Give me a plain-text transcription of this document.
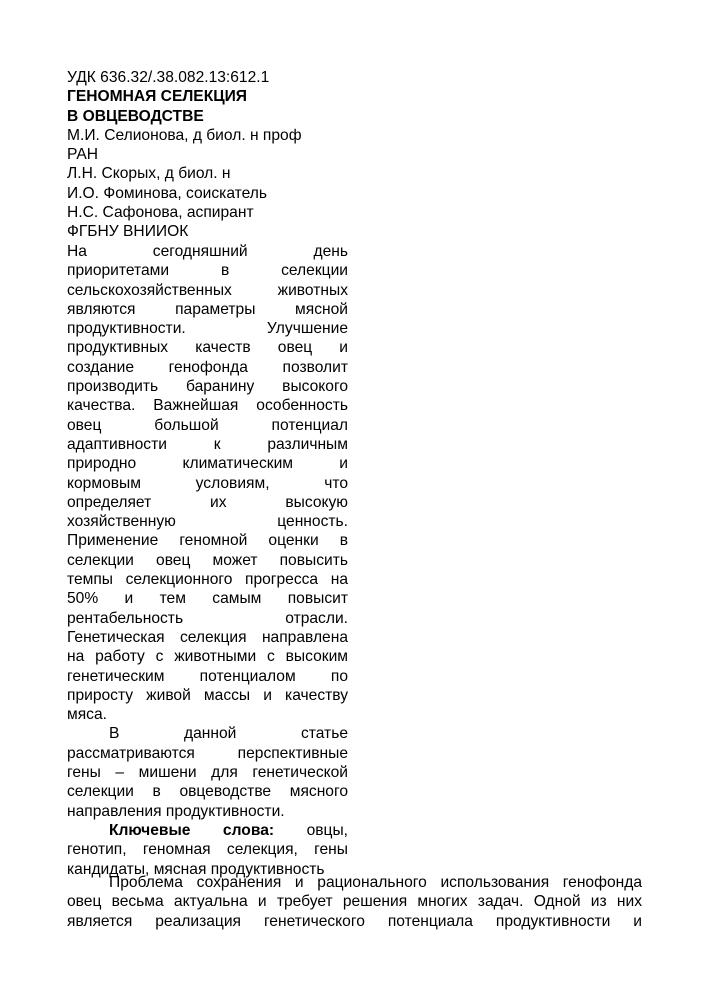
УДК 636.32/.38.082.13:612.1
ГЕНОМНАЯ СЕЛЕКЦИЯ
В ОВЦЕВОДСТВЕ
М.И. Селионова, д биол. н проф
РАН
Л.Н. Скорых, д биол. н
И.О. Фоминова, соискатель
Н.С. Сафонова, аспирант
ФГБНУ ВНИИОК
На сегодняшний день
приоритетами в селекции
сельскохозяйственных животных
являются параметры мясной
продуктивности. Улучшение
продуктивных качеств овец и
создание генофонда позволит
производить баранину высокого
качества. Важнейшая особенность
овец большой потенциал
адаптивности к различным
природно климатическим и
кормовым условиям, что
определяет их высокую
хозяйственную ценность.
Применение геномной оценки в
селекции овец может повысить
темпы селекционного прогресса на
50% и тем самым повысит
рентабельность отрасли.
Генетическая селекция направлена
на работу с животными с высоким
генетическим потенциалом по
приросту живой массы и качеству
мяса.
В данной статье
рассматриваются перспективные
гены – мишени для генетической
селекции в овцеводстве мясного
направления продуктивности.
Ключевые слова: овцы,
генотип, геномная селекция, гены
кандидаты, мясная продуктивность
Проблема сохранения и рационального использования генофонда
овец весьма актуальна и требует решения многих задач. Одной из них
является реализация генетического потенциала продуктивности и
